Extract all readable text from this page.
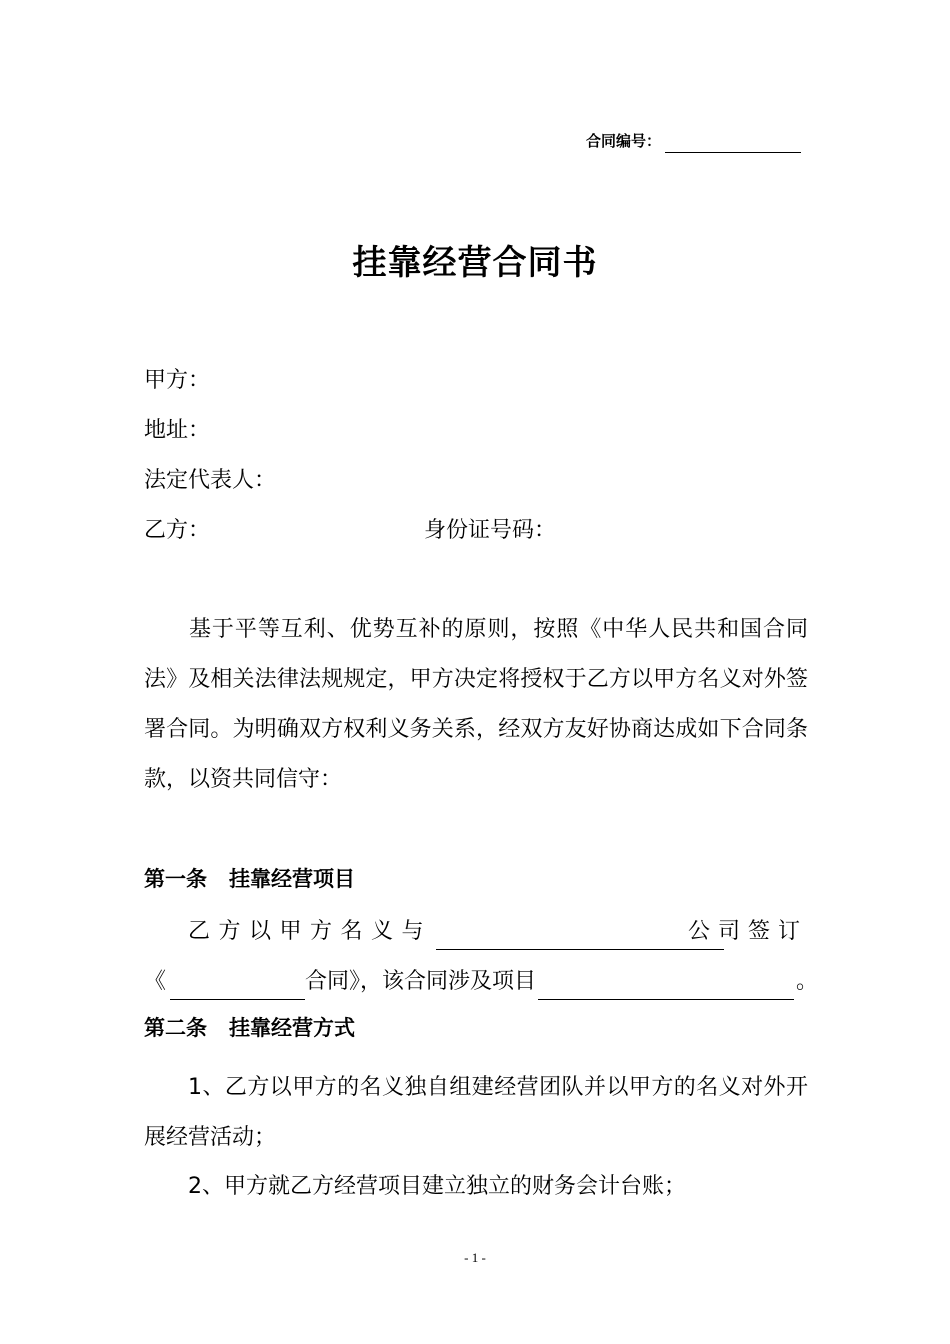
合同编号：
挂靠经营合同书
甲方：
地址：
法定代表人：
乙方：	身份证号码：
基于平等互利、优势互补的原则，按照《中华人民共和国合同法》及相关法律法规规定，甲方决定将授权于乙方以甲方名义对外签署合同。为明确双方权利义务关系，经双方友好协商达成如下合同条款，以资共同信守：
第一条 挂靠经营项目
乙方以甲方名义与	公司签订
《	合同》，该合同涉及项目	。
第二条 挂靠经营方式
1、乙方以甲方的名义独自组建经营团队并以甲方的名义对外开展经营活动；
2、甲方就乙方经营项目建立独立的财务会计台账；
- 1 -
